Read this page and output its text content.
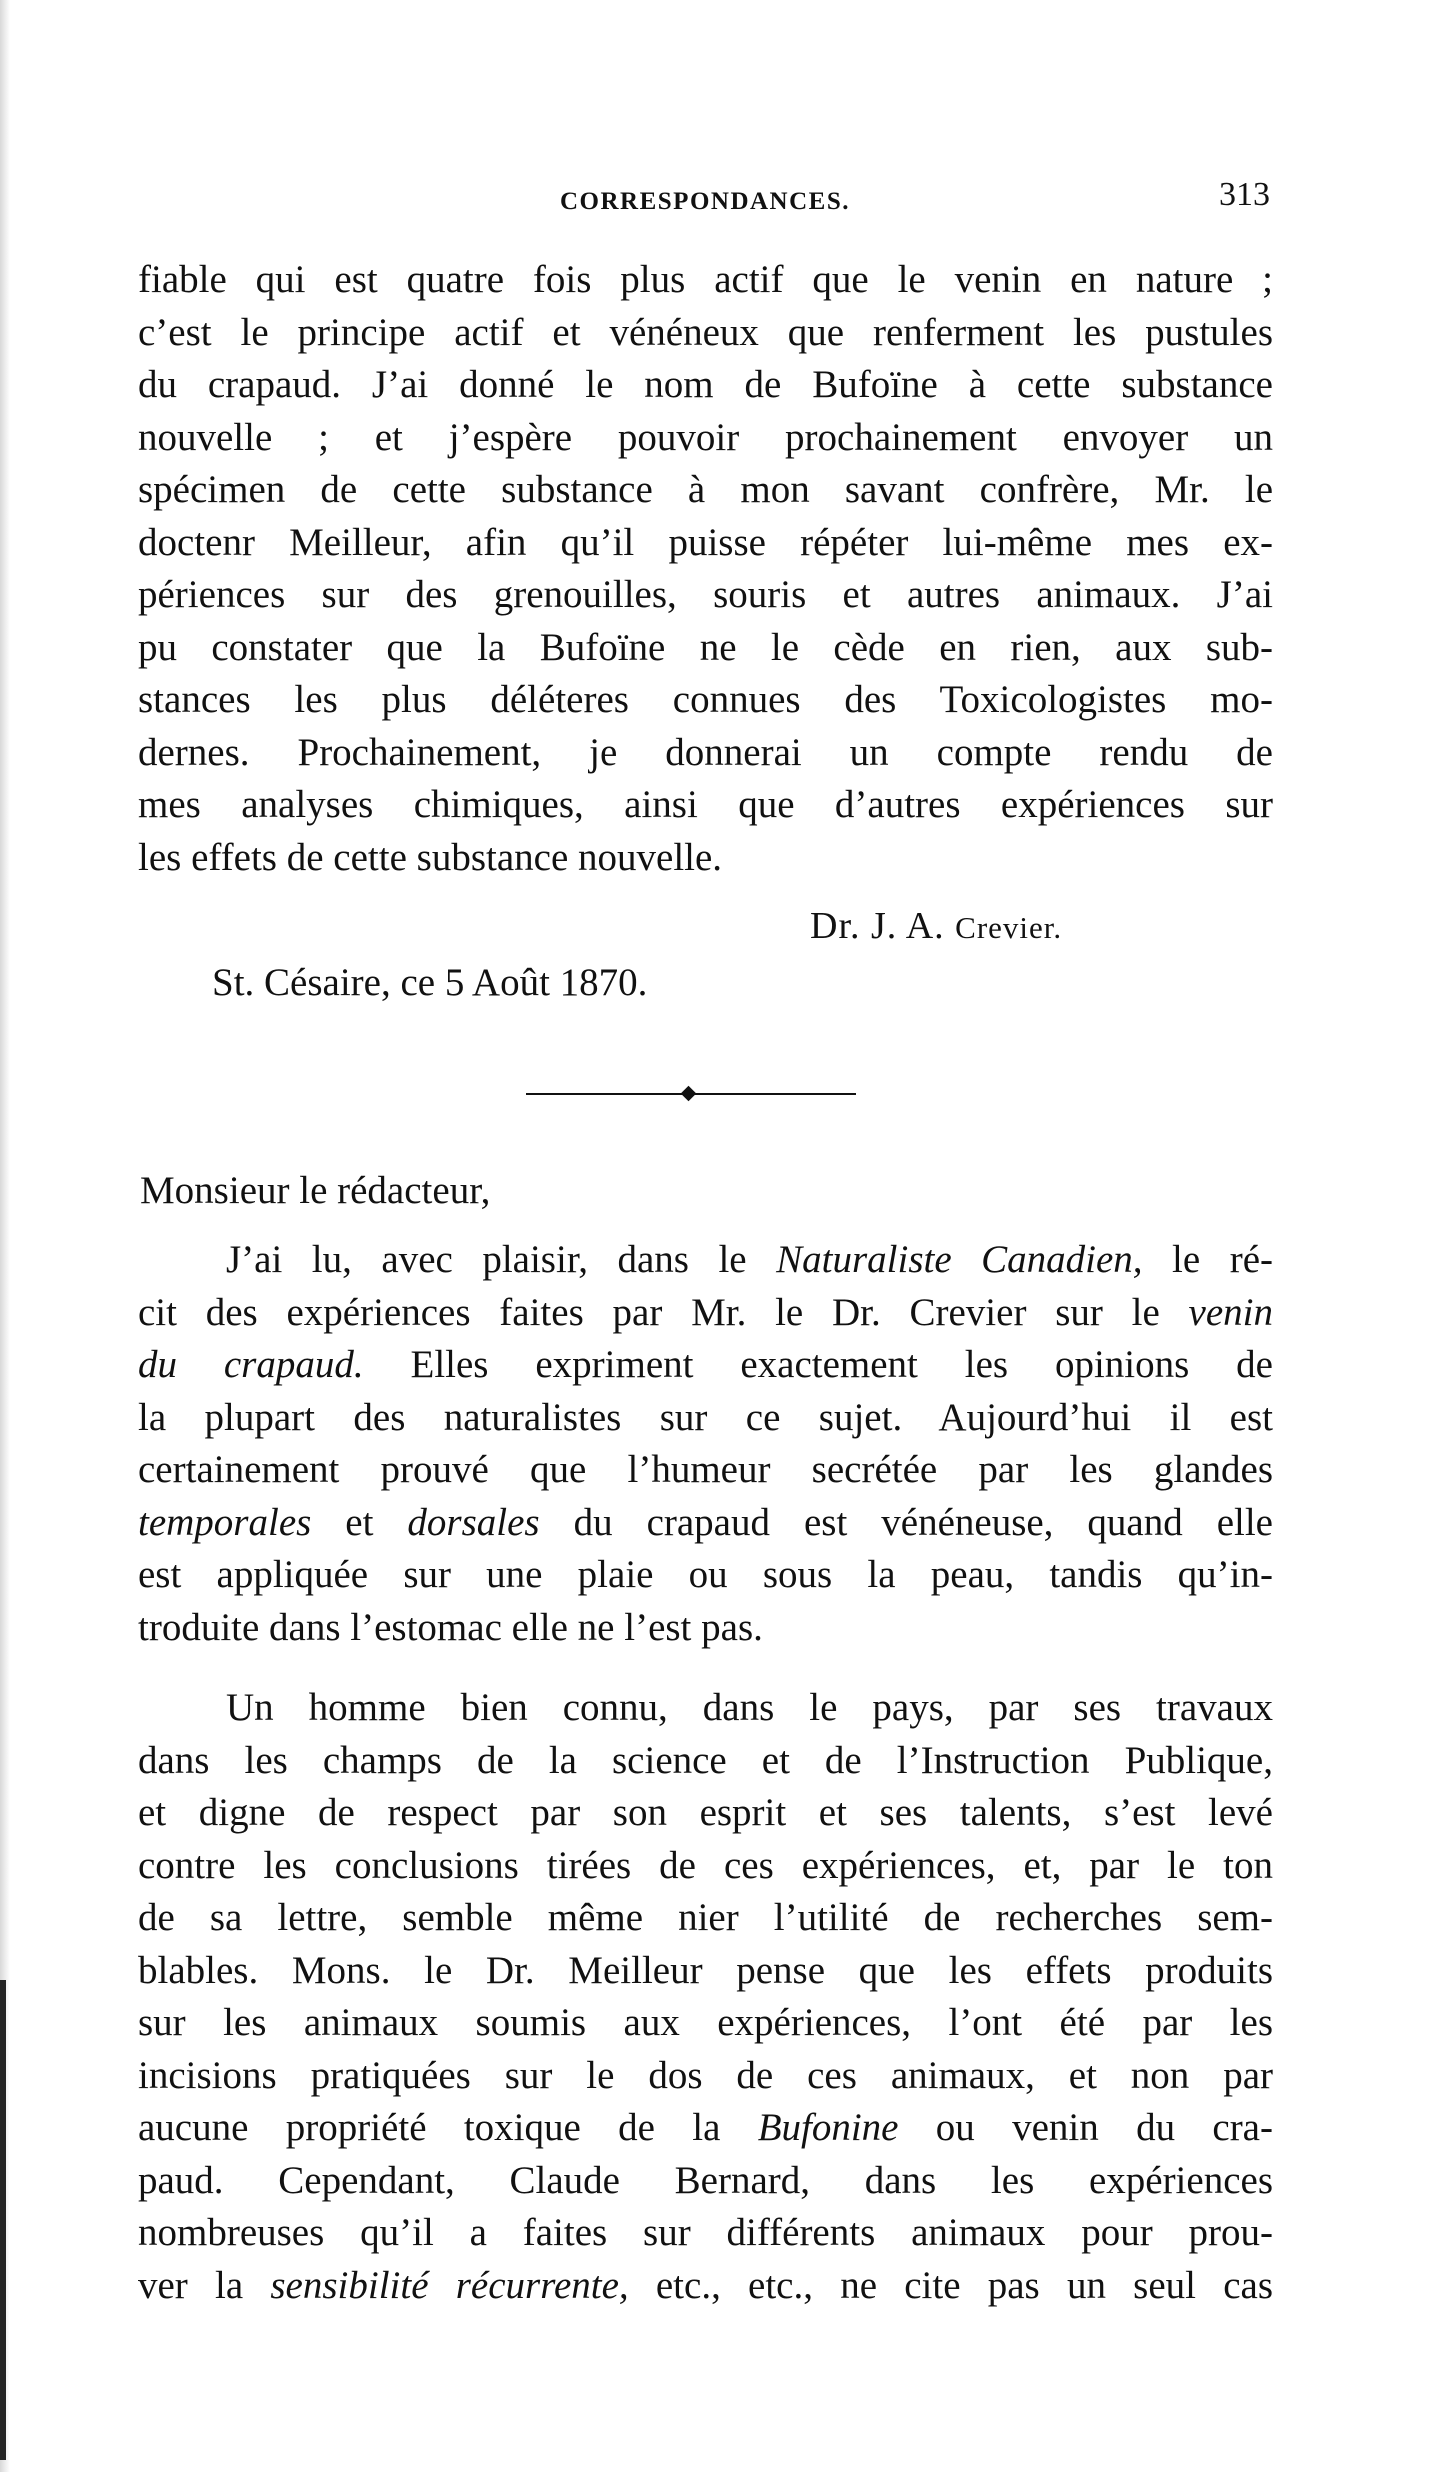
CORRESPONDANCES.	313
fiable qui est quatre fois plus actif que le venin en nature ;
c’est le principe actif et vénéneux que renferment les pustules
du crapaud. J’ai donné le nom de Bufoïne à cette substance
nouvelle ; et j’espère pouvoir prochainement envoyer un
spécimen de cette substance à mon savant confrère, Mr. le
doctenr Meilleur, afin qu’il puisse répéter lui-même mes ex-
périences sur des grenouilles, souris et autres animaux. J’ai
pu constater que la Bufoïne ne le cède en rien, aux sub-
stances les plus déléteres connues des Toxicologistes mo-
dernes. Prochainement, je donnerai un compte rendu de
mes analyses chimiques, ainsi que d’autres expériences sur
les effets de cette substance nouvelle.
Dr. J. A. Crevier.
St. Césaire, ce 5 Août 1870.
Monsieur le rédacteur,
J’ai lu, avec plaisir, dans le Naturaliste Canadien, le ré-
cit des expériences faites par Mr. le Dr. Crevier sur le venin
du crapaud. Elles expriment exactement les opinions de
la plupart des naturalistes sur ce sujet. Aujourd’hui il est
certainement prouvé que l’humeur secrétée par les glandes
temporales et dorsales du crapaud est vénéneuse, quand elle
est appliquée sur une plaie ou sous la peau, tandis qu’in-
troduite dans l’estomac elle ne l’est pas.
Un homme bien connu, dans le pays, par ses travaux
dans les champs de la science et de l’Instruction Publique,
et digne de respect par son esprit et ses talents, s’est levé
contre les conclusions tirées de ces expériences, et, par le ton
de sa lettre, semble même nier l’utilité de recherches sem-
blables. Mons. le Dr. Meilleur pense que les effets produits
sur les animaux soumis aux expériences, l’ont été par les
incisions pratiquées sur le dos de ces animaux, et non par
aucune propriété toxique de la Bufonine ou venin du cra-
paud. Cependant, Claude Bernard, dans les expériences
nombreuses qu’il a faites sur différents animaux pour prou-
ver la sensibilité récurrente, etc., etc., ne cite pas un seul cas
